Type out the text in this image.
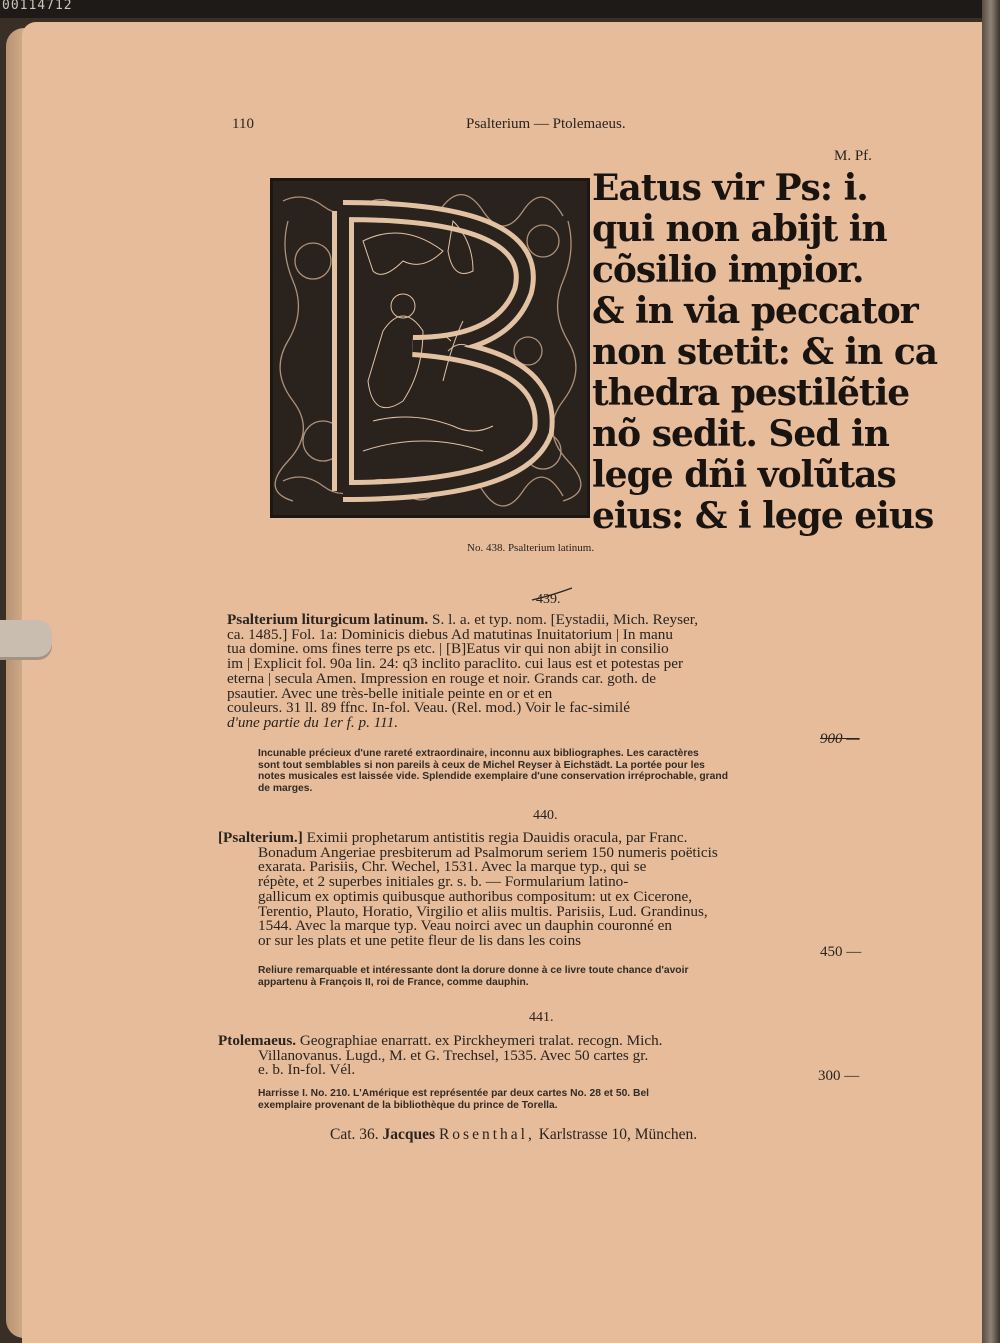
00114712
110	Psalterium — Ptolemaeus.
M. Pf.
Eatus vir Ps: i.
qui non abijt in
cõsilio impior.
& in via peccator
non stetit: & in ca
thedra pestilẽtie
nõ sedit. Sed in
lege dñi volũtas
eius: & i lege eius
No. 438. Psalterium latinum.
439.
Psalterium liturgicum latinum. S. l. a. et typ. nom. [Eystadii, Mich. Reyser,
ca. 1485.] Fol. 1a: Dominicis diebus Ad matutinas Inuitatorium | In manu
tua domine. oms fines terre ps etc. | [B]Eatus vir qui non abijt in consilio
im | Explicit fol. 90a lin. 24: q3 inclito paraclito. cui laus est et potestas per
eterna | secula Amen. Impression en rouge et noir. Grands car. goth. de
psautier. Avec une très-belle initiale peinte en or et en
couleurs. 31 ll. 89 ffnc. In-fol. Veau. (Rel. mod.) Voir le fac-similé
d'une partie du 1er f. p. 111.
Incunable précieux d'une rareté extraordinaire, inconnu aux bibliographes. Les caractères
sont tout semblables si non pareils à ceux de Michel Reyser à Eichstädt. La portée pour les
notes musicales est laissée vide. Splendide exemplaire d'une conservation irréprochable, grand
de marges.
900 —
440.
[Psalterium.] Eximii prophetarum antistitis regia Dauidis oracula, par Franc.
Bonadum Angeriae presbiterum ad Psalmorum seriem 150 numeris poëticis
exarata. Parisiis, Chr. Wechel, 1531. Avec la marque typ., qui se
répète, et 2 superbes initiales gr. s. b. — Formularium latino-
gallicum ex optimis quibusque authoribus compositum: ut ex Cicerone,
Terentio, Plauto, Horatio, Virgilio et aliis multis. Parisiis, Lud. Grandinus,
1544. Avec la marque typ. Veau noirci avec un dauphin couronné en
or sur les plats et une petite fleur de lis dans les coins
Reliure remarquable et intéressante dont la dorure donne à ce livre toute chance d'avoir
appartenu à François II, roi de France, comme dauphin.
450 —
441.
Ptolemaeus. Geographiae enarratt. ex Pirckheymeri tralat. recogn. Mich.
Villanovanus. Lugd., M. et G. Trechsel, 1535. Avec 50 cartes gr.
e. b. In-fol. Vél.
Harrisse I. No. 210. L'Amérique est représentée par deux cartes No. 28 et 50. Bel
exemplaire provenant de la bibliothèque du prince de Torella.
300 —
Cat. 36. Jacques Rosenthal, Karlstrasse 10, München.
